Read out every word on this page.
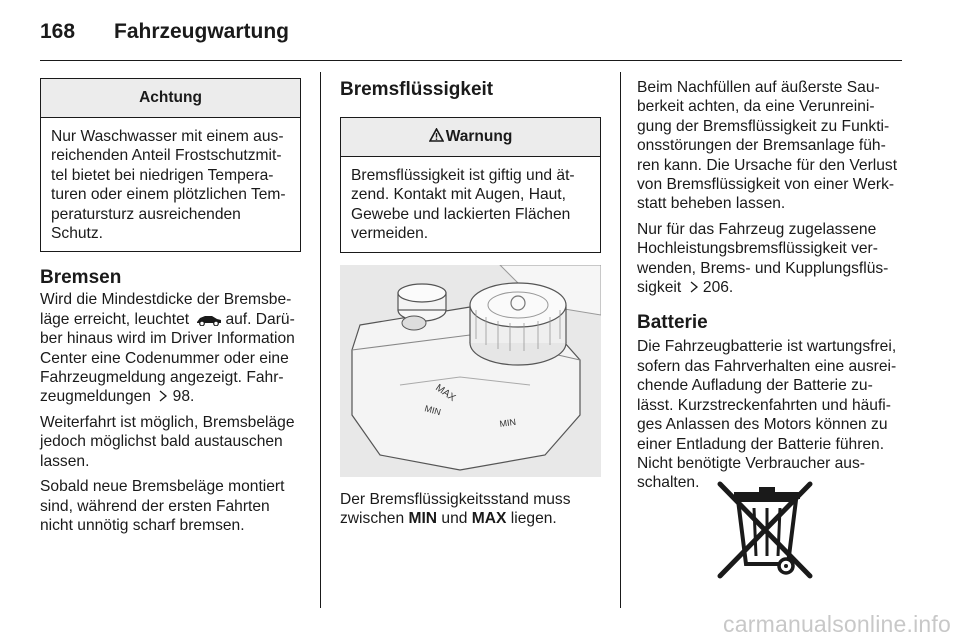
168 Fahrzeugwartung
Achtung
Nur Waschwasser mit einem aus-
reichenden Anteil Frostschutzmit-
tel bietet bei niedrigen Tempera-
turen oder einem plötzlichen Tem-
peratursturz ausreichenden
Schutz.
Bremsen

Wird die Mindestdicke der Bremsbe-
läge erreicht, leuchtet auf. Darü-
ber hinaus wird im Driver Information
Center eine Codenummer oder eine
Fahrzeugmeldung angezeigt. Fahr-
zeugmeldungen 98.

Weiterfahrt ist möglich, Bremsbeläge
jedoch möglichst bald austauschen
lassen.

Sobald neue Bremsbeläge montiert
sind, während der ersten Fahrten
nicht unnötig scharf bremsen.

Bremsflüssigkeit
Warnung
Bremsflüssigkeit ist giftig und ät-
zend. Kontakt mit Augen, Haut,
Gewebe und lackierten Flächen
vermeiden.
MAX
MIN
MIN
Der Bremsflüssigkeitsstand muss
zwischen MIN und MAX liegen.

Beim Nachfüllen auf äußerste Sau-
berkeit achten, da eine Verunreini-
gung der Bremsflüssigkeit zu Funkti-
onsstörungen der Bremsanlage füh-
ren kann. Die Ursache für den Verlust
von Bremsflüssigkeit von einer Werk-
statt beheben lassen.

Nur für das Fahrzeug zugelassene
Hochleistungsbremsflüssigkeit ver-
wenden, Brems- und Kupplungsflüs-
sigkeit 206.

Batterie
Die Fahrzeugbatterie ist wartungsfrei,
sofern das Fahrverhalten eine ausrei-
chende Aufladung der Batterie zu-
lässt. Kurzstreckenfahrten und häufi-
ges Anlassen des Motors können zu
einer Entladung der Batterie führen.
Nicht benötigte Verbraucher aus-
schalten.
carmanualsonline.info
